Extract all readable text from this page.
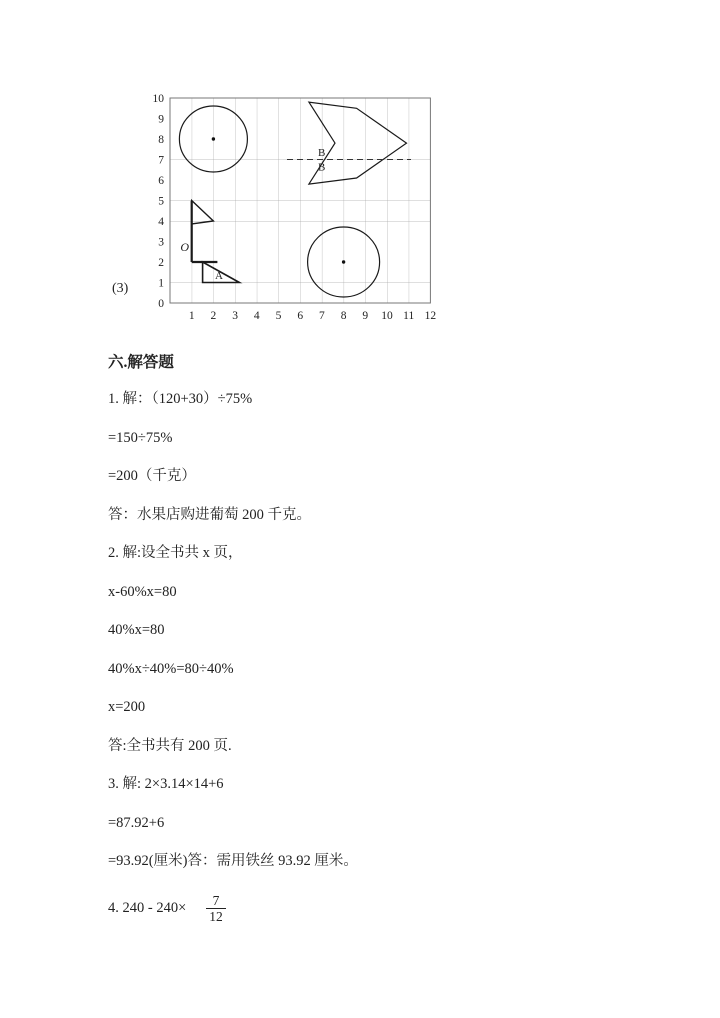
(3)
10
9
8
7
6
5
4
3
2
1
0
1 2 3 4 5 6 7 8 9 10 11 12
B
B
O
A
六.解答题

1. 解：（120+30）÷75%

=150÷75%

=200（千克）

答：水果店购进葡萄 200 千克。

2. 解:设全书共 x 页，

x-60%x=80

40%x=80

40%x÷40%=80÷40%

x=200

答:全书共有 200 页.

3. 解: 2×3.14×14+6

=87.92+6

=93.92(厘米)答：需用铁丝 93.92 厘米。

4. $240 - 240\times \frac{7}{12}$
